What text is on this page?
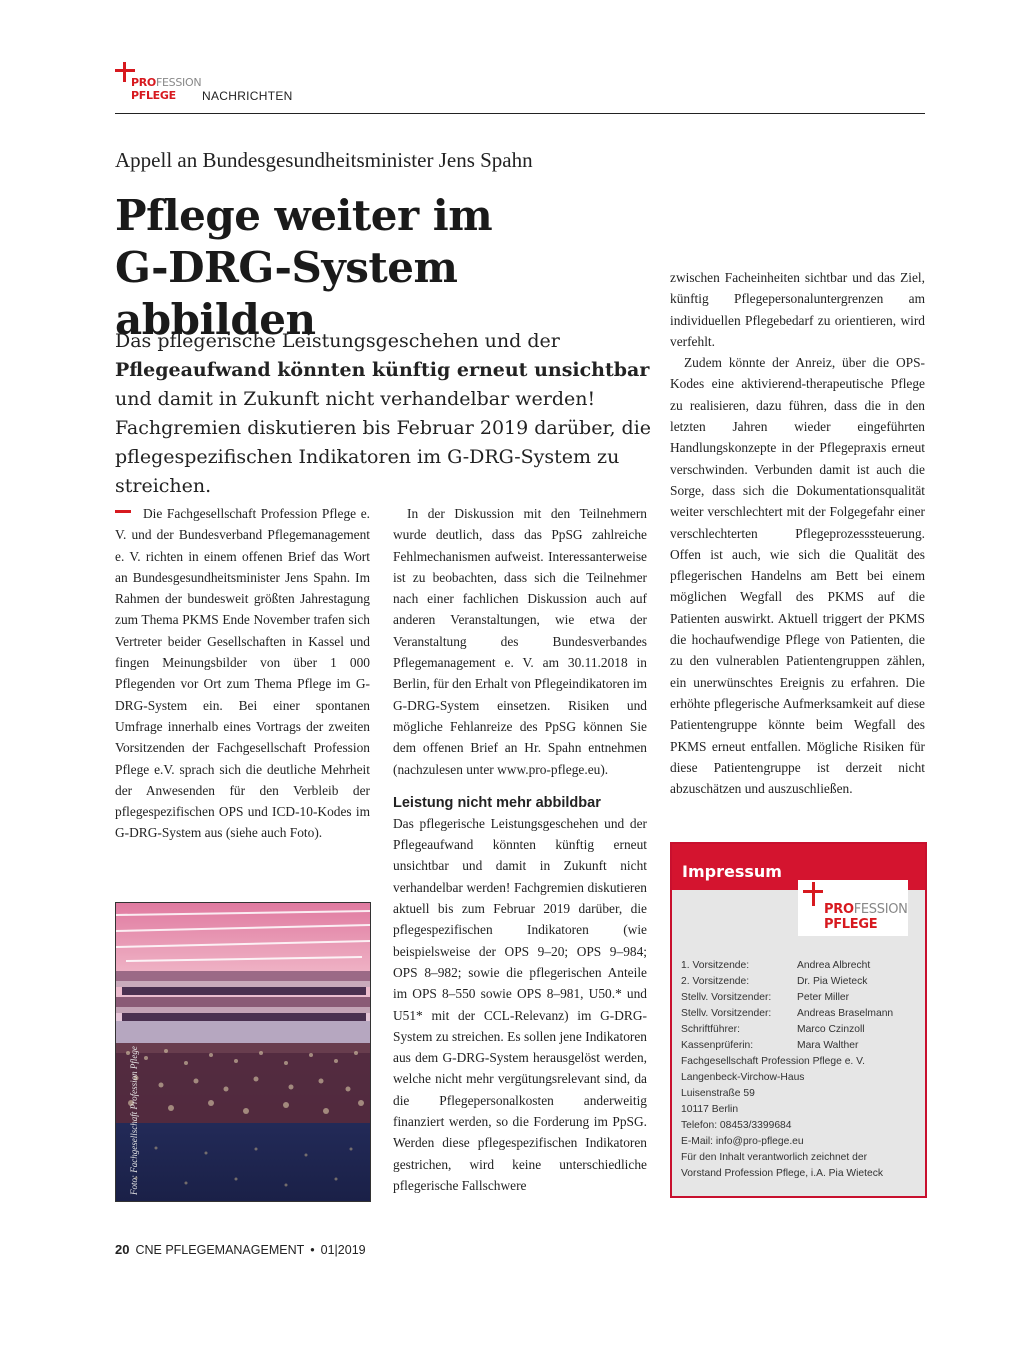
PROFESSION
PFLEGE NACHRICHTEN
Appell an Bundesgesundheitsminister Jens Spahn
Pflege weiter im
G-DRG-System abbilden
Das pflegerische Leistungsgeschehen und der Pflegeaufwand könnten künftig erneut unsichtbar und damit in Zukunft nicht verhandelbar werden! Fachgremien diskutieren bis Februar 2019 darüber, die pflegespezifischen Indikatoren im G-DRG-System zu streichen.

Die Fachgesellschaft Profession Pflege e. V. und der Bundesverband Pflegemanagement e. V. richten in einem offenen Brief das Wort an Bundesgesundheitsminister Jens Spahn. Im Rahmen der bundesweit größten Jahrestagung zum Thema PKMS Ende November trafen sich Vertreter beider Gesellschaften in Kassel und fingen Meinungsbilder von über 1 000 Pflegenden vor Ort zum Thema Pflege im G-DRG-System ein. Bei einer spontanen Umfrage innerhalb eines Vortrags der zweiten Vorsitzenden der Fachgesellschaft Profession Pflege e.V. sprach sich die deutliche Mehrheit der Anwesenden für den Verbleib der pflegespezifischen OPS und ICD-10-Kodes im G-DRG-System aus (siehe auch Foto).

Foto: Fachgesellschaft Profession Pflege

In der Diskussion mit den Teilnehmern wurde deutlich, dass das PpSG zahlreiche Fehlmechanismen aufweist. Interessanterweise ist zu beobachten, dass sich die Teilnehmer nach einer fachlichen Diskussion auch auf anderen Veranstaltungen, wie etwa der Veranstaltung des Bundesverbandes Pflegemanagement e. V. am 30.11.2018 in Berlin, für den Erhalt von Pflegeindikatoren im G-DRG-System einsetzen. Risiken und mögliche Fehlanreize des PpSG können Sie dem offenen Brief an Hr. Spahn entnehmen (nachzulesen unter www.pro-pflege.eu).

Leistung nicht mehr abbildbar

Das pflegerische Leistungsgeschehen und der Pflegeaufwand könnten künftig erneut unsichtbar und damit in Zukunft nicht verhandelbar werden! Fachgremien diskutieren aktuell bis zum Februar 2019 darüber, die pflegespezifischen Indikatoren (wie beispielsweise der OPS 9–20; OPS 9–984; OPS 8–982; sowie die pflegerischen Anteile im OPS 8–550 sowie OPS 8–981, U50.* und U51* mit der CCL-Relevanz) im G-DRG-System zu streichen. Es sollen jene Indikatoren aus dem G-DRG-System herausgelöst werden, welche nicht mehr vergütungsrelevant sind, da die Pflegepersonalkosten anderweitig finanziert werden, so die Forderung im PpSG. Werden diese pflegespezifischen Indikatoren gestrichen, wird keine unterschiedliche pflegerische Fallschwere

zwischen Facheinheiten sichtbar und das Ziel, künftig Pflegepersonaluntergrenzen am individuellen Pflegebedarf zu orientieren, wird verfehlt.

Zudem könnte der Anreiz, über die OPS-Kodes eine aktivierend-therapeutische Pflege zu realisieren, dazu führen, dass die in den letzten Jahren wieder eingeführten Handlungskonzepte in der Pflegepraxis erneut verschwinden. Verbunden damit ist auch die Sorge, dass sich die Dokumentationsqualität weiter verschlechtert mit der Folgegefahr einer verschlechterten Pflegeprozesssteuerung. Offen ist auch, wie sich die Qualität des pflegerischen Handelns am Bett bei einem möglichen Wegfall des PKMS auf die Patienten auswirkt. Aktuell triggert der PKMS die hochaufwendige Pflege von Patienten, die zu den vulnerablen Patientengruppen zählen, ein unerwünschtes Ereignis zu erfahren. Die erhöhte pflegerische Aufmerksamkeit auf diese Patientengruppe könnte beim Wegfall des PKMS erneut entfallen. Mögliche Risiken für diese Patientengruppe ist derzeit nicht abzuschätzen und auszuschließen.

Impressum
PROFESSION
PFLEGE
1. Vorsitzende:	Andrea Albrecht
2. Vorsitzende:	Dr. Pia Wieteck
Stellv. Vorsitzender:	Peter Miller
Stellv. Vorsitzender:	Andreas Braselmann
Schriftführer:	Marco Czinzoll
Kassenprüferin:	Mara Walther
Fachgesellschaft Profession Pflege e. V.
Langenbeck-Virchow-Haus
Luisenstraße 59
10117 Berlin
Telefon: 08453/3399684
E-Mail: info@pro-pflege.eu
Für den Inhalt verantworlich zeichnet der
Vorstand Profession Pflege, i.A. Pia Wieteck
20 CNE PFLEGEMANAGEMENT • 01|2019
